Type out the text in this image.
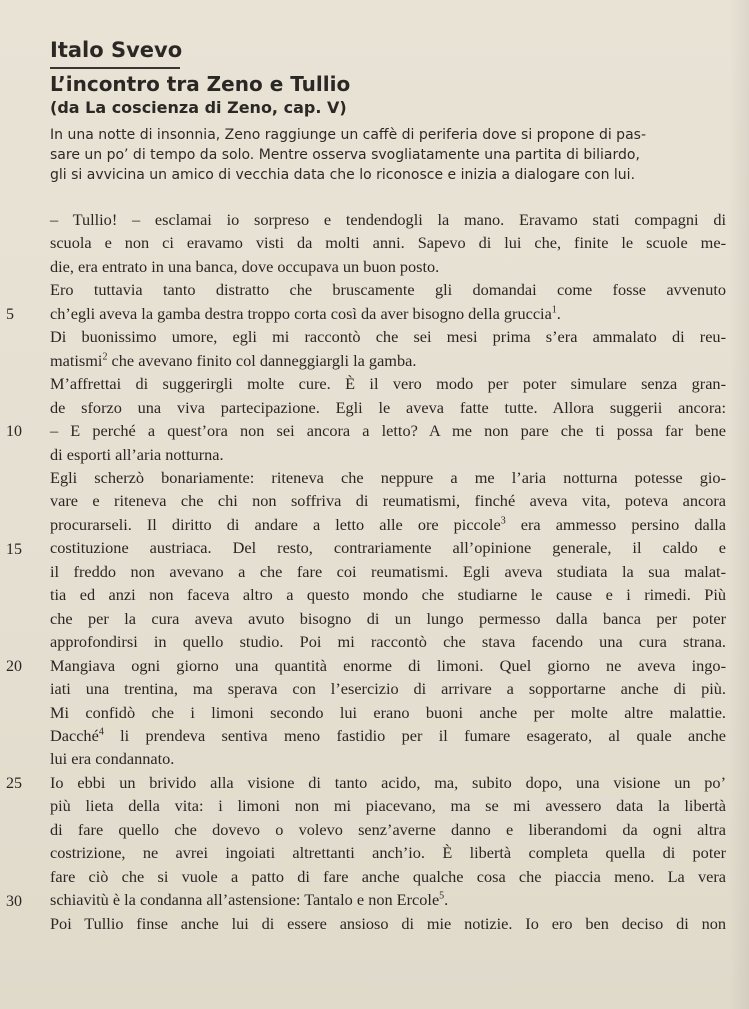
Italo Svevo
L’incontro tra Zeno e Tullio
(da La coscienza di Zeno, cap. V)
In una notte di insonnia, Zeno raggiunge un caffè di periferia dove si propone di pas-
sare un po’ di tempo da solo. Mentre osserva svogliatamente una partita di biliardo,
gli si avvicina un amico di vecchia data che lo riconosce e inizia a dialogare con lui.
5
10
15
20
25
30
– Tullio! – esclamai io sorpreso e tendendogli la mano. Eravamo stati compagni di
scuola e non ci eravamo visti da molti anni. Sapevo di lui che, finite le scuole me-
die, era entrato in una banca, dove occupava un buon posto.
Ero tuttavia tanto distratto che bruscamente gli domandai come fosse avvenuto
ch’egli aveva la gamba destra troppo corta così da aver bisogno della gruccia$^1$.
Di buonissimo umore, egli mi raccontò che sei mesi prima s’era ammalato di reu-
matismi$^2$ che avevano finito col danneggiargli la gamba.
M’affrettai di suggerirgli molte cure. È il vero modo per poter simulare senza gran-
de sforzo una viva partecipazione. Egli le aveva fatte tutte. Allora suggerii ancora:
– E perché a quest’ora non sei ancora a letto? A me non pare che ti possa far bene
di esporti all’aria notturna.
Egli scherzò bonariamente: riteneva che neppure a me l’aria notturna potesse gio-
vare e riteneva che chi non soffriva di reumatismi, finché aveva vita, poteva ancora
procurarseli. Il diritto di andare a letto alle ore piccole$^3$ era ammesso persino dalla
costituzione austriaca. Del resto, contrariamente all’opinione generale, il caldo e
il freddo non avevano a che fare coi reumatismi. Egli aveva studiata la sua malat-
tia ed anzi non faceva altro a questo mondo che studiarne le cause e i rimedi. Più
che per la cura aveva avuto bisogno di un lungo permesso dalla banca per poter
approfondirsi in quello studio. Poi mi raccontò che stava facendo una cura strana.
Mangiava ogni giorno una quantità enorme di limoni. Quel giorno ne aveva ingo-
iati una trentina, ma sperava con l’esercizio di arrivare a sopportarne anche di più.
Mi confidò che i limoni secondo lui erano buoni anche per molte altre malattie.
Dacché$^4$ li prendeva sentiva meno fastidio per il fumare esagerato, al quale anche
lui era condannato.
Io ebbi un brivido alla visione di tanto acido, ma, subito dopo, una visione un po’
più lieta della vita: i limoni non mi piacevano, ma se mi avessero data la libertà
di fare quello che dovevo o volevo senz’averne danno e liberandomi da ogni altra
costrizione, ne avrei ingoiati altrettanti anch’io. È libertà completa quella di poter
fare ciò che si vuole a patto di fare anche qualche cosa che piaccia meno. La vera
schiavitù è la condanna all’astensione: Tantalo e non Ercole$^5$.
Poi Tullio finse anche lui di essere ansioso di mie notizie. Io ero ben deciso di non
